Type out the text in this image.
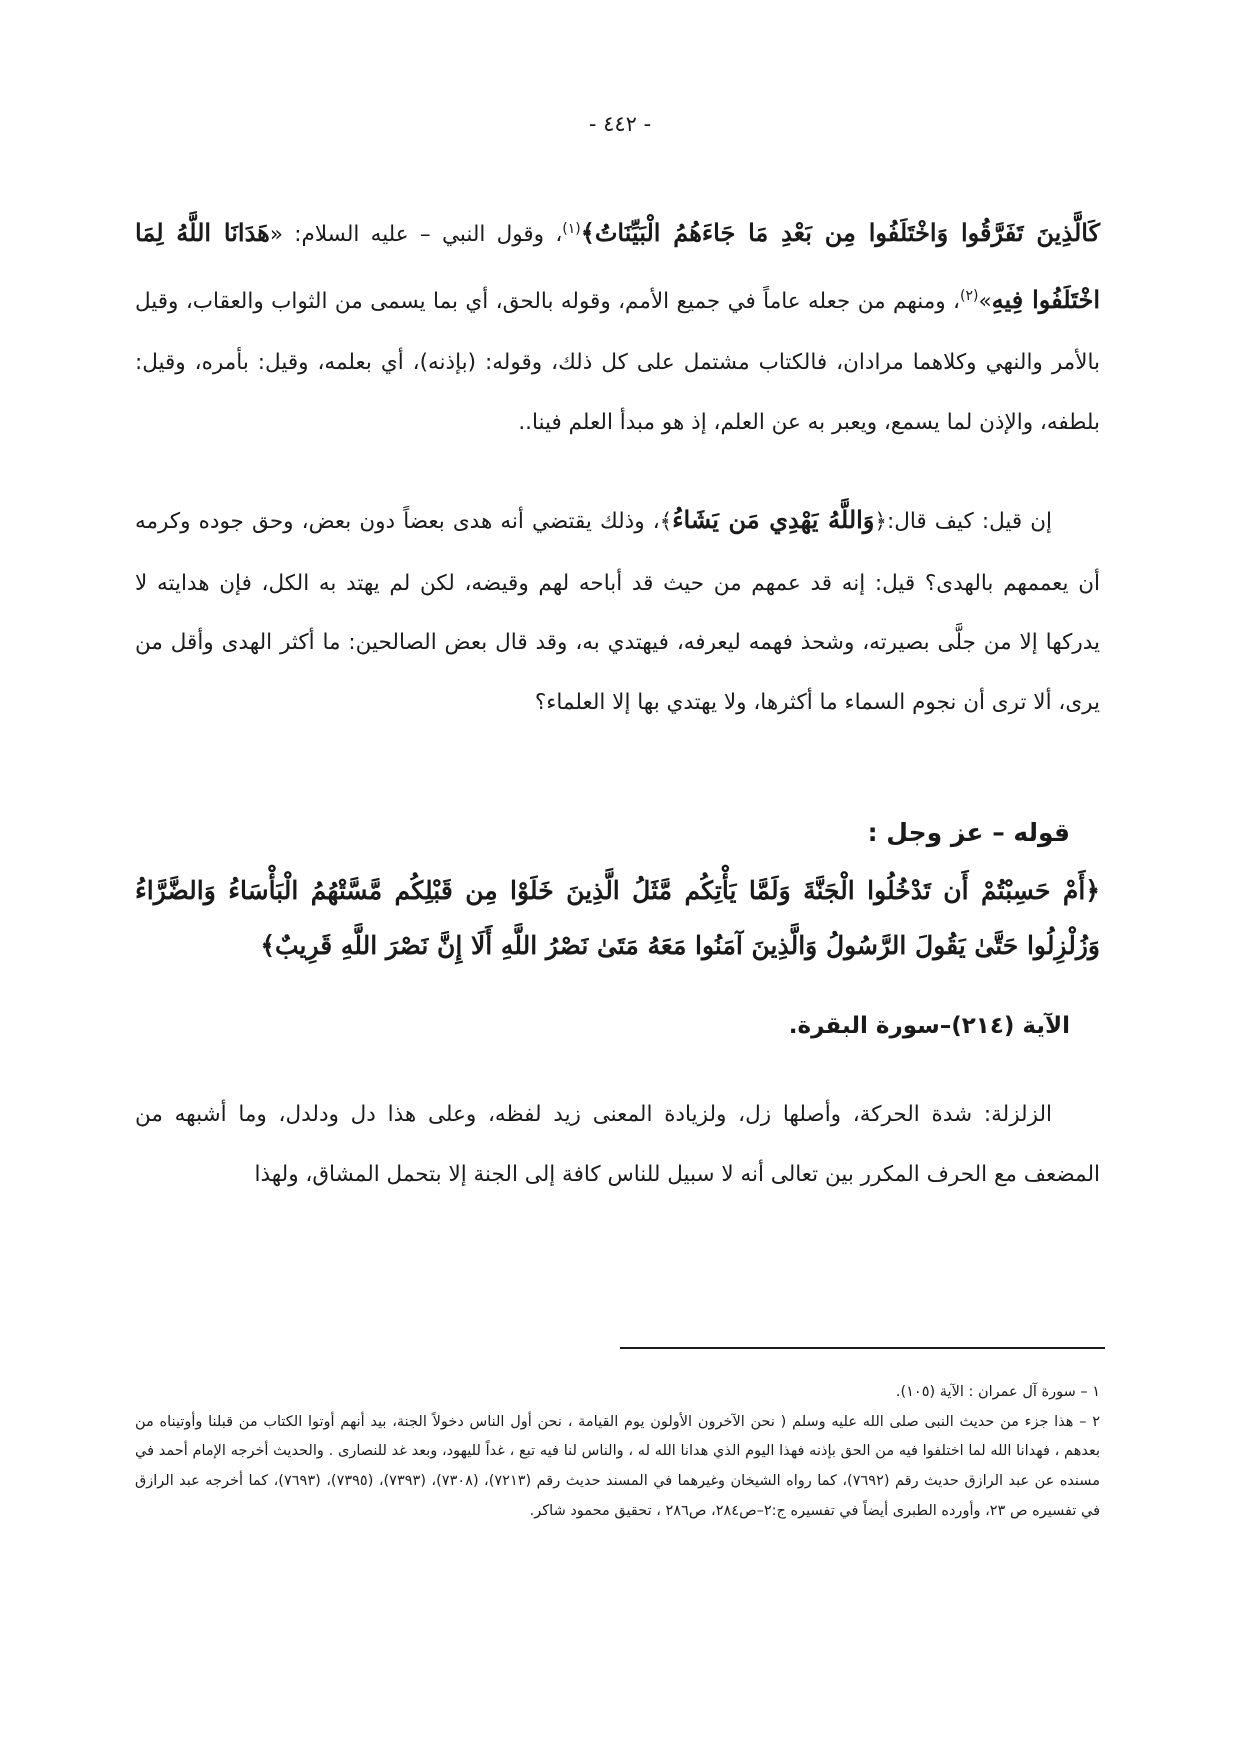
- ٤٤٢ -

كَالَّذِينَ تَفَرَّقُوا وَاخْتَلَفُوا مِن بَعْدِ مَا جَاءَهُمُ الْبَيِّنَاتُ﴾$^{(١)}$، وقول النبي – عليه السلام: «هَدَانَا اللَّهُ لِمَا اخْتَلَفُوا فِيهِ»$^{(٢)}$، ومنهم من جعله عاماً في جميع الأمم، وقوله بالحق، أي بما يسمى من الثواب والعقاب، وقيل بالأمر والنهي وكلاهما مرادان، فالكتاب مشتمل على كل ذلك، وقوله: (بإذنه)، أي بعلمه، وقيل: بأمره، وقيل: بلطفه، والإذن لما يسمع، ويعبر به عن العلم، إذ هو مبدأ العلم فينا..

إن قيل: كيف قال:﴿وَاللَّهُ يَهْدِي مَن يَشَاءُ﴾، وذلك يقتضي أنه هدى بعضاً دون بعض، وحق جوده وكرمه أن يعممهم بالهدى؟ قيل: إنه قد عمهم من حيث قد أباحه لهم وقيضه، لكن لم يهتد به الكل، فإن هدايته لا يدركها إلا من جلَّى بصيرته، وشحذ فهمه ليعرفه، فيهتدي به، وقد قال بعض الصالحين: ما أكثر الهدى وأقل من يرى، ألا ترى أن نجوم السماء ما أكثرها، ولا يهتدي بها إلا العلماء؟

قوله – عز وجل :

﴿أَمْ حَسِبْتُمْ أَن تَدْخُلُوا الْجَنَّةَ وَلَمَّا يَأْتِكُم مَّثَلُ الَّذِينَ خَلَوْا مِن قَبْلِكُم مَّسَّتْهُمُ الْبَأْسَاءُ وَالضَّرَّاءُ وَزُلْزِلُوا حَتَّىٰ يَقُولَ الرَّسُولُ وَالَّذِينَ آمَنُوا مَعَهُ مَتَىٰ نَصْرُ اللَّهِ أَلَا إِنَّ نَصْرَ اللَّهِ قَرِيبٌ﴾

الآية (٢١٤)–سورة البقرة.

الزلزلة: شدة الحركة، وأصلها زل، ولزيادة المعنى زيد لفظه، وعلى هذا دل ودلدل، وما أشبهه من المضعف مع الحرف المكرر بين تعالى أنه لا سبيل للناس كافة إلى الجنة إلا بتحمل المشاق، ولهذا

١ – سورة آل عمران : الآية (١٠٥).
٢ – هذا جزء من حديث النبى صلى الله عليه وسلم ( نحن الآخرون الأولون يوم القيامة ، نحن أول الناس دخولاً الجنة، بيد أنهم أوتوا الكتاب من قبلنا وأوتيناه من بعدهم ، فهدانا الله لما اختلفوا فيه من الحق بإذنه فهذا اليوم الذي هدانا الله له ، والناس لنا فيه تبع ، غداً لليهود، وبعد غد للنصارى . والحديث أخرجه الإمام أحمد في مسنده عن عبد الرازق حديث رقم (٧٦٩٢)، كما رواه الشيخان وغيرهما في المسند حديث رقم (٧٢١٣)، (٧٣٠٨)، (٧٣٩٣)، (٧٣٩٥)، (٧٦٩٣)، كما أخرجه عبد الرازق في تفسيره ص ٢٣، وأورده الطبرى أيضاً في تفسيره ج:٢–ص٢٨٤، ص٢٨٦ ، تحقيق محمود شاكر.
